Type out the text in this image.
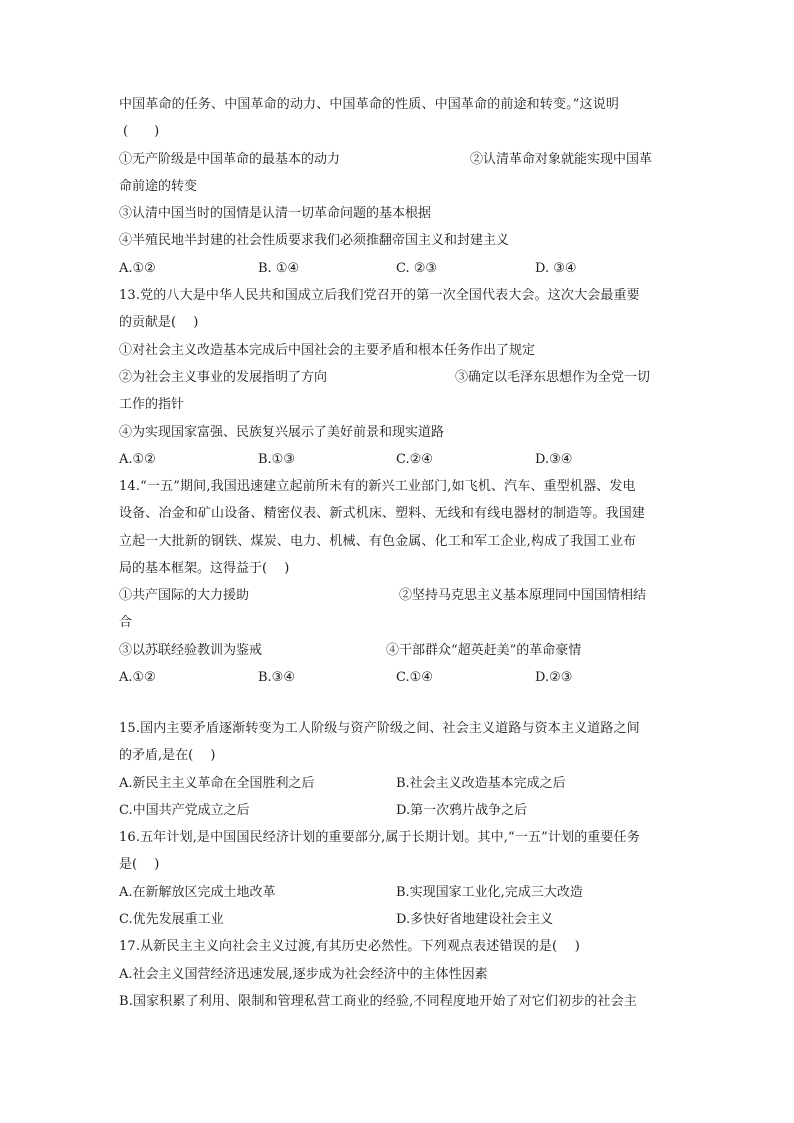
中国革命的任务、中国革命的动力、中国革命的性质、中国革命的前途和转变。”这说明
(　　)
①无产阶级是中国革命的最基本的动力	②认清革命对象就能实现中国革
命前途的转变
③认清中国当时的国情是认清一切革命问题的基本根据
④半殖民地半封建的社会性质要求我们必须推翻帝国主义和封建主义
A.①②	B. ①④	C. ②③	D. ③④
13.党的八大是中华人民共和国成立后我们党召开的第一次全国代表大会。这次大会最重要
的贡献是(　 )
①对社会主义改造基本完成后中国社会的主要矛盾和根本任务作出了规定
②为社会主义事业的发展指明了方向	③确定以毛泽东思想作为全党一切
工作的指针
④为实现国家富强、民族复兴展示了美好前景和现实道路
A.①②	B.①③	C.②④	D.③④
14.“一五”期间,我国迅速建立起前所未有的新兴工业部门,如飞机、汽车、重型机器、发电
设备、冶金和矿山设备、精密仪表、新式机床、塑料、无线和有线电器材的制造等。我国建
立起一大批新的钢铁、煤炭、电力、机械、有色金属、化工和军工企业,构成了我国工业布
局的基本框架。这得益于(　 )
①共产国际的大力援助	②坚持马克思主义基本原理同中国国情相结
合
③以苏联经验教训为鉴戒	④干部群众“超英赶美”的革命豪情
A.①②	B.③④	C.①④	D.②③
15.国内主要矛盾逐渐转变为工人阶级与资产阶级之间、社会主义道路与资本主义道路之间
的矛盾,是在(　 )
A.新民主主义革命在全国胜利之后	B.社会主义改造基本完成之后
C.中国共产党成立之后	D.第一次鸦片战争之后
16.五年计划,是中国国民经济计划的重要部分,属于长期计划。其中,“一五”计划的重要任务
是(　 )
A.在新解放区完成土地改革	B.实现国家工业化,完成三大改造
C.优先发展重工业	D.多快好省地建设社会主义
17.从新民主主义向社会主义过渡,有其历史必然性。下列观点表述错误的是(　 )
A.社会主义国营经济迅速发展,逐步成为社会经济中的主体性因素
B.国家积累了利用、限制和管理私营工商业的经验,不同程度地开始了对它们初步的社会主
